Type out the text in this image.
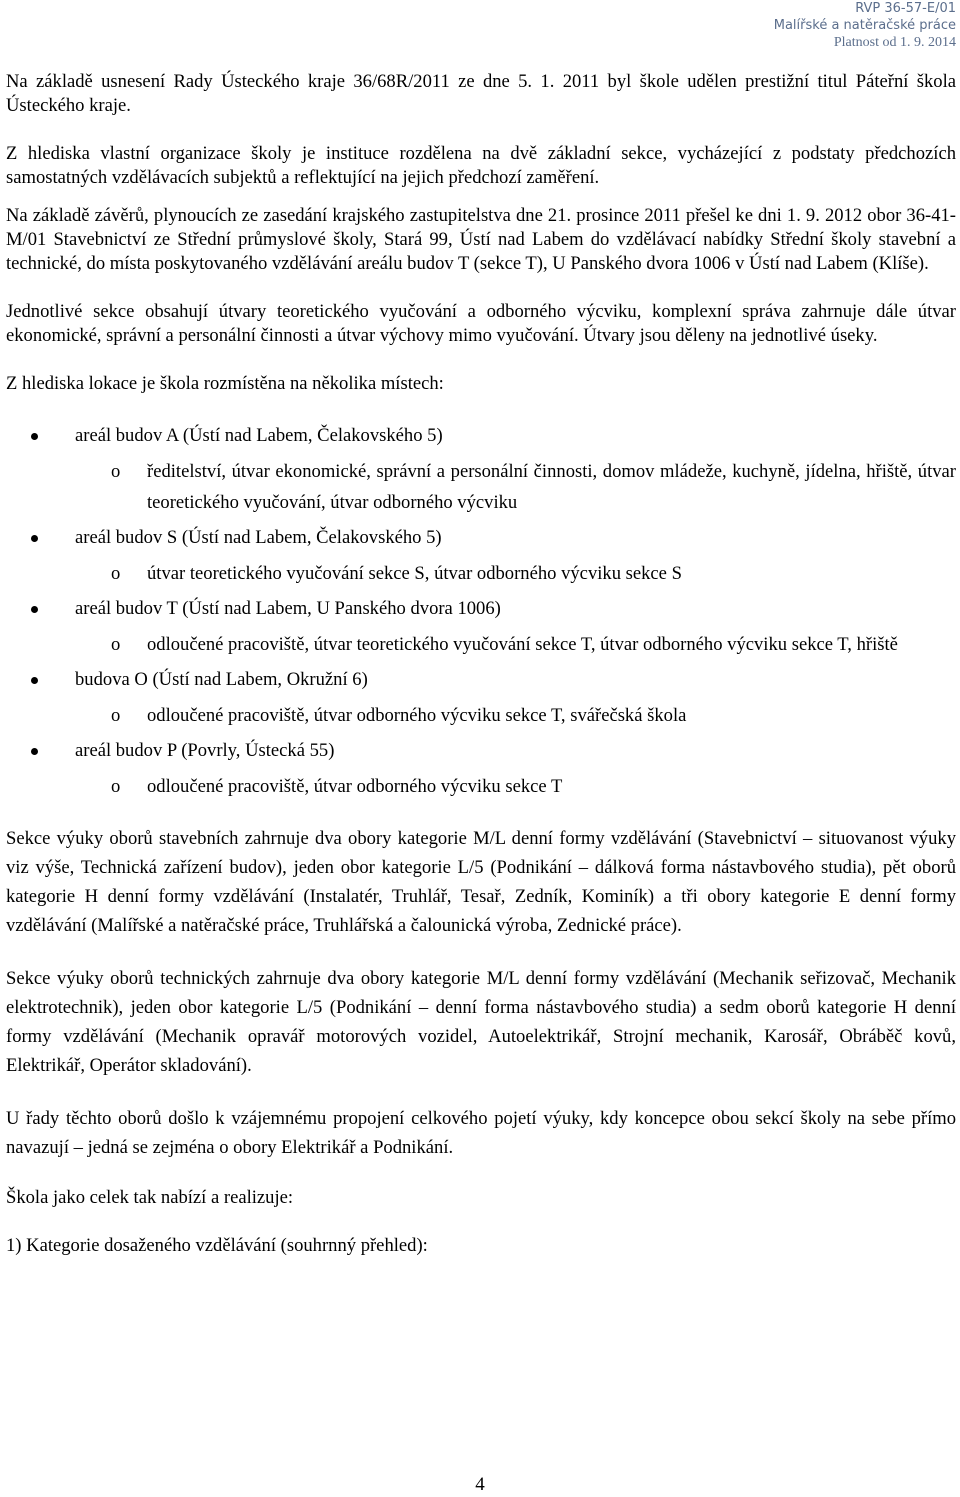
RVP 36-57-E/01
Malířské a natěračské práce
Platnost od 1. 9. 2014

Na základě usnesení Rady Ústeckého kraje 36/68R/2011 ze dne 5. 1. 2011 byl škole udělen prestižní titul Páteřní škola Ústeckého kraje.

Z hlediska vlastní organizace školy je instituce rozdělena na dvě základní sekce, vycházející z podstaty předchozích samostatných vzdělávacích subjektů a reflektující na jejich předchozí zaměření.

Na základě závěrů, plynoucích ze zasedání krajského zastupitelstva dne 21. prosince 2011 přešel ke dni 1. 9. 2012 obor 36-41-M/01 Stavebnictví ze Střední průmyslové školy, Stará 99, Ústí nad Labem do vzdělávací nabídky Střední školy stavební a technické, do místa poskytovaného vzdělávání areálu budov T (sekce T), U Panského dvora 1006 v Ústí nad Labem (Klíše).

Jednotlivé sekce obsahují útvary teoretického vyučování a odborného výcviku, komplexní správa zahrnuje dále útvar ekonomické, správní a personální činnosti a útvar výchovy mimo vyučování. Útvary jsou děleny na jednotlivé úseky.

Z hlediska lokace je škola rozmístěna na několika místech:

areál budov A (Ústí nad Labem, Čelakovského 5)
o ředitelství, útvar ekonomické, správní a personální činnosti, domov mládeže, kuchyně, jídelna, hřiště, útvar teoretického vyučování, útvar odborného výcviku
areál budov S (Ústí nad Labem, Čelakovského 5)
o útvar teoretického vyučování sekce S, útvar odborného výcviku sekce S
areál budov T (Ústí nad Labem, U Panského dvora 1006)
o odloučené pracoviště, útvar teoretického vyučování sekce T, útvar odborného výcviku sekce T, hřiště
budova O (Ústí nad Labem, Okružní 6)
o odloučené pracoviště, útvar odborného výcviku sekce T, svářečská škola
areál budov P (Povrly, Ústecká 55)
o odloučené pracoviště, útvar odborného výcviku sekce T

Sekce výuky oborů stavebních zahrnuje dva obory kategorie M/L denní formy vzdělávání (Stavebnictví – situovanost výuky viz výše, Technická zařízení budov), jeden obor kategorie L/5 (Podnikání – dálková forma nástavbového studia), pět oborů kategorie H denní formy vzdělávání (Instalatér, Truhlář, Tesař, Zedník, Kominík) a tři obory kategorie E denní formy vzdělávání (Malířské a natěračské práce, Truhlářská a čalounická výroba, Zednické práce).

Sekce výuky oborů technických zahrnuje dva obory kategorie M/L denní formy vzdělávání (Mechanik seřizovač, Mechanik elektrotechnik), jeden obor kategorie L/5 (Podnikání – denní forma nástavbového studia) a sedm oborů kategorie H denní formy vzdělávání (Mechanik opravář motorových vozidel, Autoelektrikář, Strojní mechanik, Karosář, Obráběč kovů, Elektrikář, Operátor skladování).

U řady těchto oborů došlo k vzájemnému propojení celkového pojetí výuky, kdy koncepce obou sekcí školy na sebe přímo navazují – jedná se zejména o obory Elektrikář a Podnikání.

Škola jako celek tak nabízí a realizuje:

1) Kategorie dosaženého vzdělávání (souhrnný přehled):

4
